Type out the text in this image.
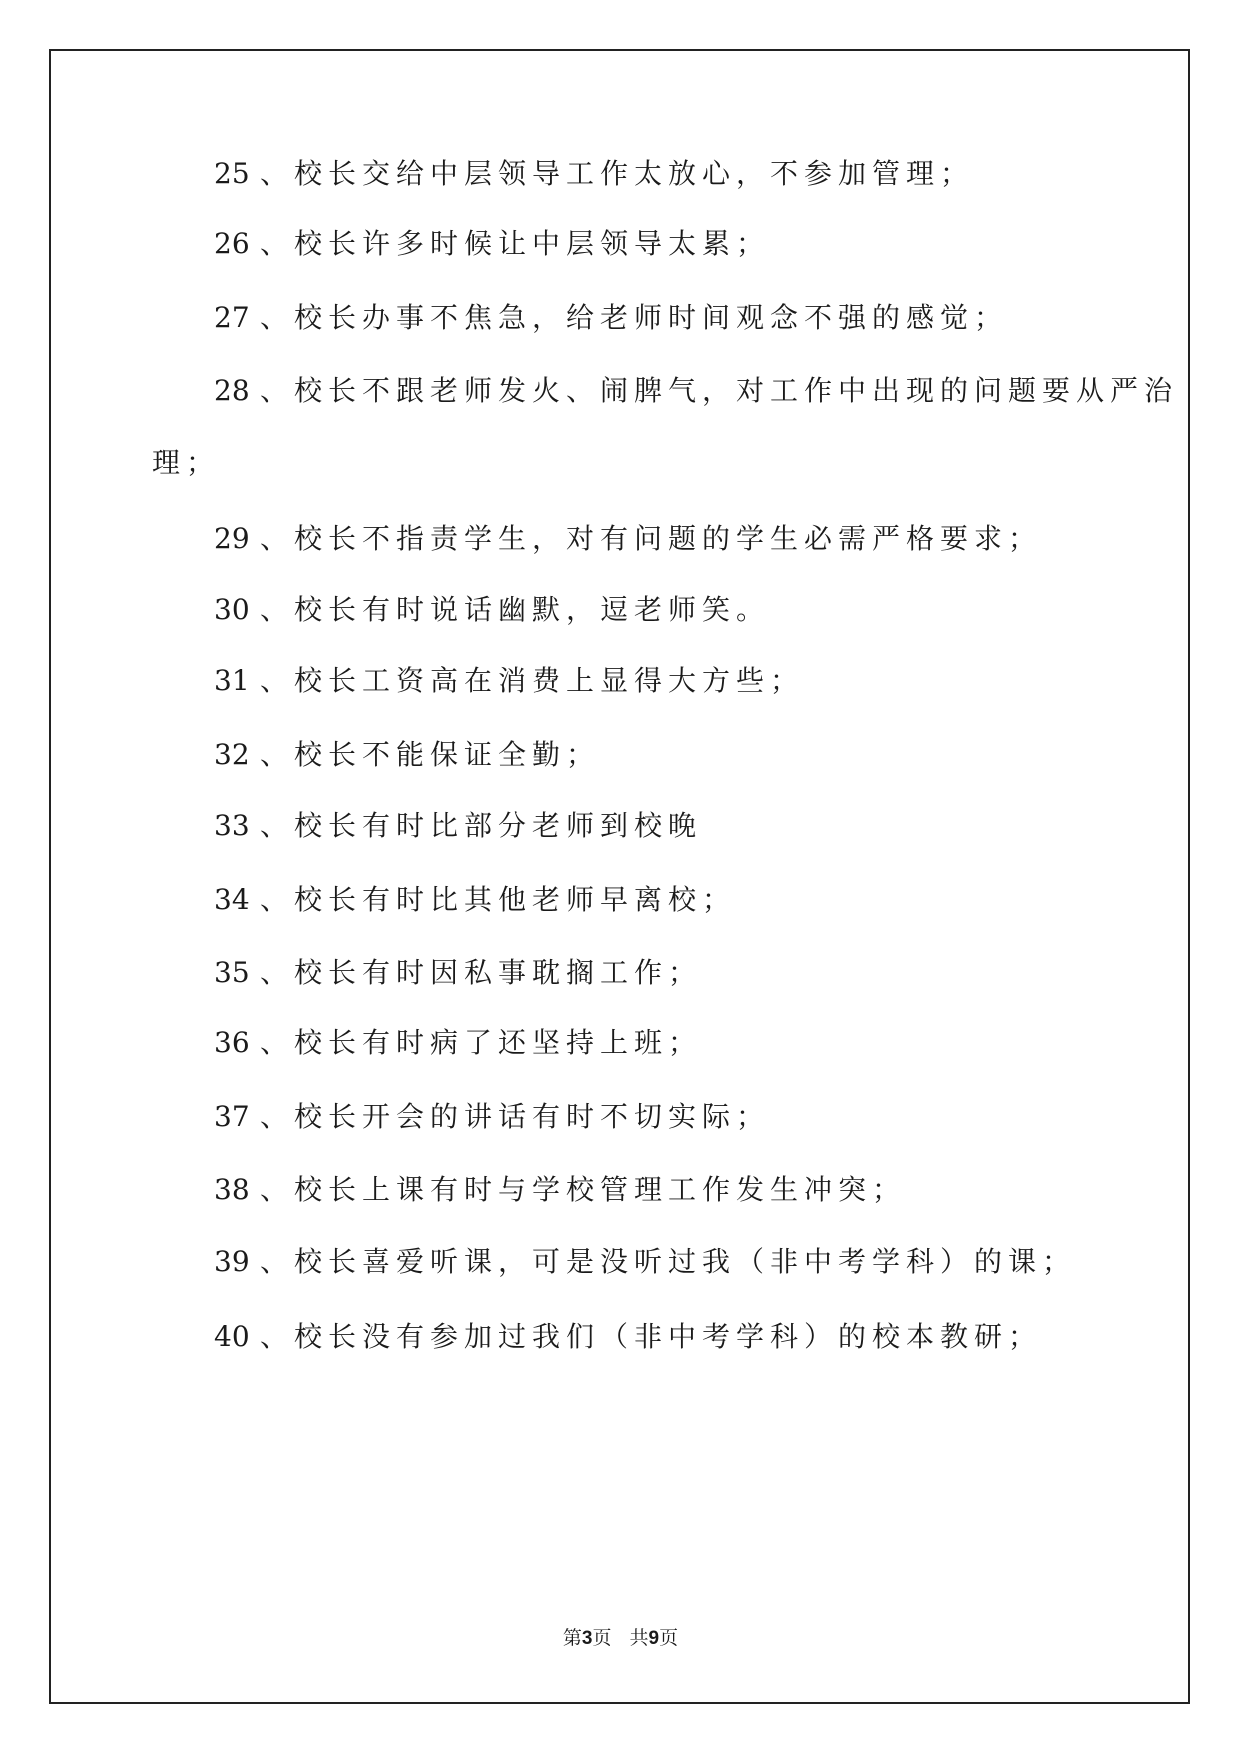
25 、 校长交给中层领导工作太放心，不参加管理；
26 、 校长许多时候让中层领导太累；
27 、 校长办事不焦急，给老师时间观念不强的感觉；
28 、 校长不跟老师发火、闹脾气，对工作中出现的问题要从严治
理；
29 、 校长不指责学生，对有问题的学生必需严格要求；
30 、 校长有时说话幽默，逗老师笑。
31 、 校长工资高在消费上显得大方些；
32 、 校长不能保证全勤；
33 、 校长有时比部分老师到校晚
34 、 校长有时比其他老师早离校；
35 、 校长有时因私事耽搁工作；
36 、 校长有时病了还坚持上班；
37 、 校长开会的讲话有时不切实际；
38 、 校长上课有时与学校管理工作发生冲突；
39 、 校长喜爱听课，可是没听过我（非中考学科）的课；
40 、 校长没有参加过我们（非中考学科）的校本教研；
第3页 共9页
